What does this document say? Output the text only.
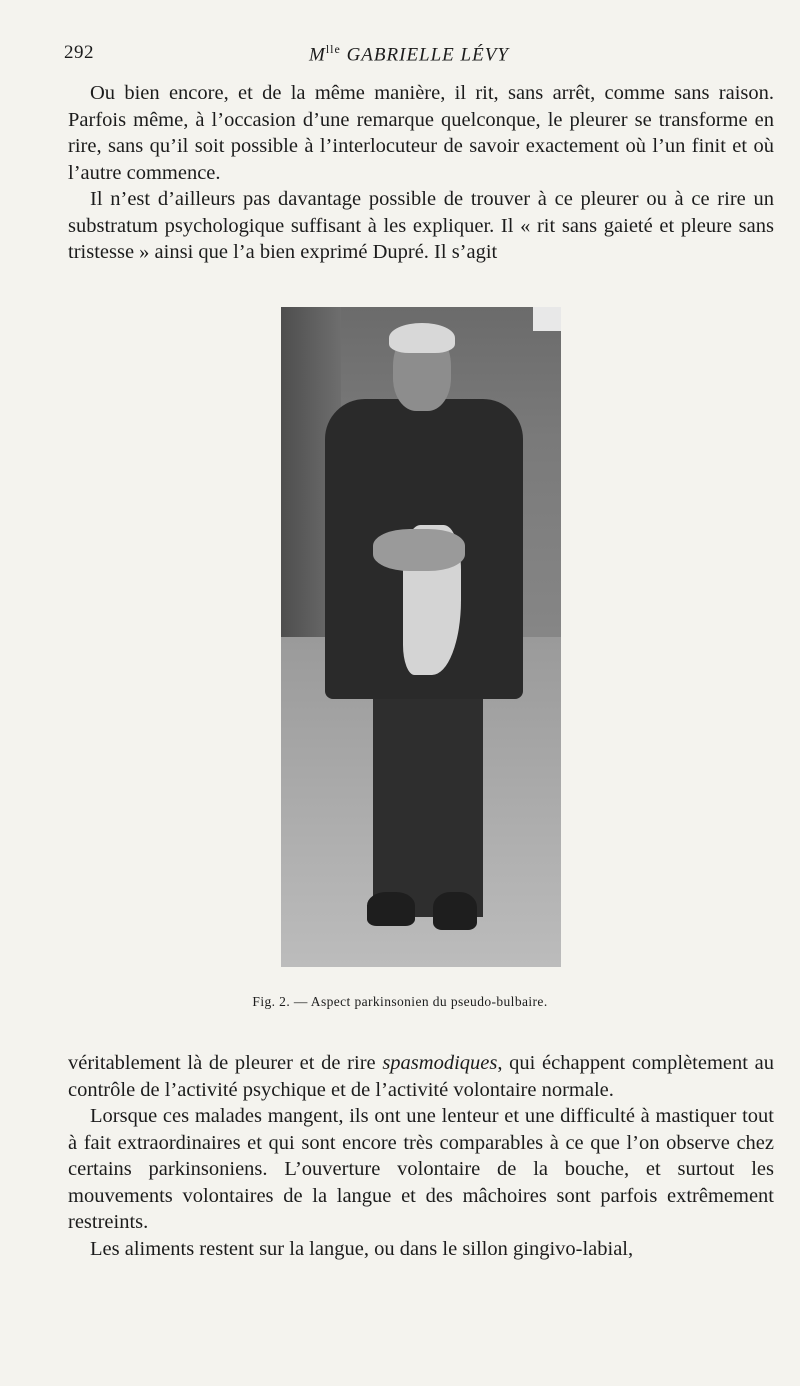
292	$M^{lle}$ GABRIELLE LÉVY

Ou bien encore, et de la même manière, il rit, sans arrêt, comme sans raison. Parfois même, à l’occasion d’une remarque quelconque, le pleurer se transforme en rire, sans qu’il soit possible à l’interlocuteur de savoir exactement où l’un finit et où l’autre commence.

Il n’est d’ailleurs pas davantage possible de trouver à ce pleurer ou à ce rire un substratum psychologique suffisant à les expliquer. Il « rit sans gaieté et pleure sans tristesse » ainsi que l’a bien exprimé Dupré. Il s’agit

Fig. 2. — Aspect parkinsonien du pseudo-bulbaire.

véritablement là de pleurer et de rire spasmodiques, qui échappent complètement au contrôle de l’activité psychique et de l’activité volontaire normale.

Lorsque ces malades mangent, ils ont une lenteur et une difficulté à mastiquer tout à fait extraordinaires et qui sont encore très comparables à ce que l’on observe chez certains parkinsoniens. L’ouverture volontaire de la bouche, et surtout les mouvements volontaires de la langue et des mâchoires sont parfois extrêmement restreints.

Les aliments restent sur la langue, ou dans le sillon gingivo-labial,
